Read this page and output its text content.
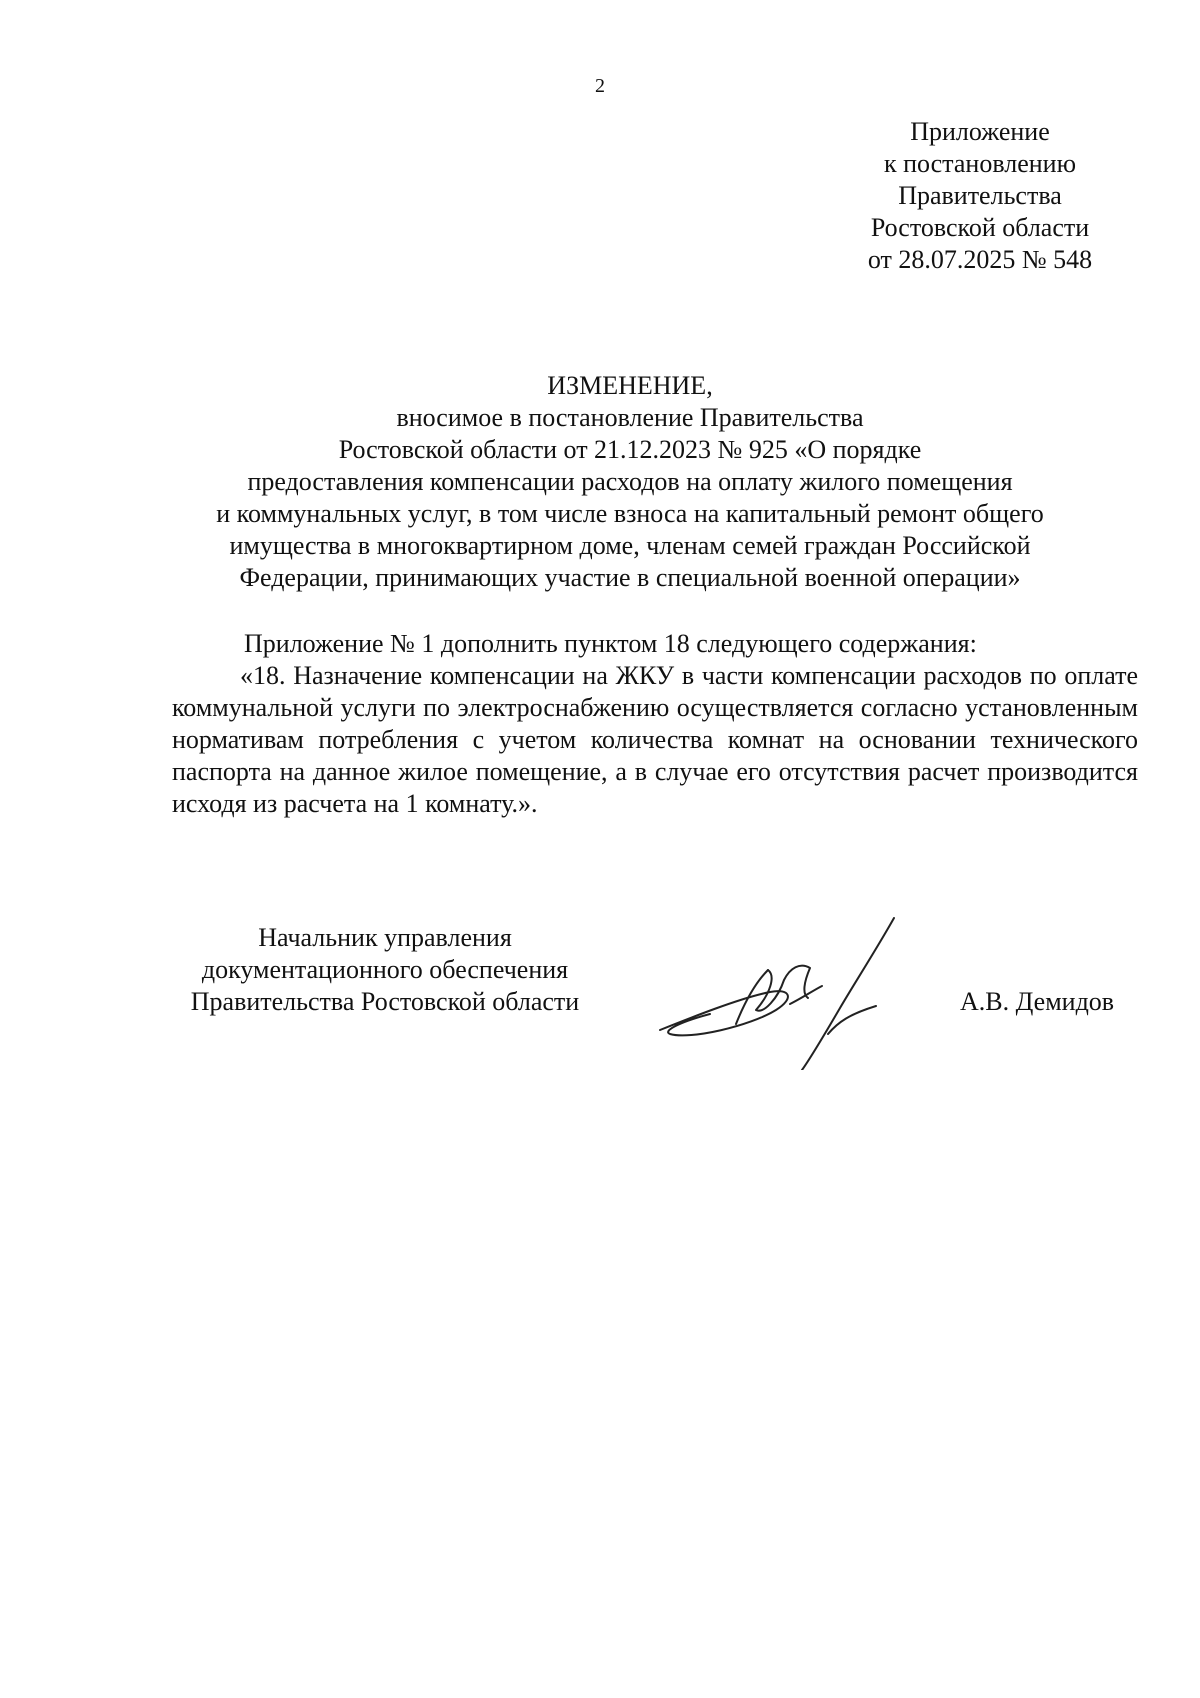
2
Приложение
к постановлению
Правительства
Ростовской области
от 28.07.2025 № 548
ИЗМЕНЕНИЕ,
вносимое в постановление Правительства
Ростовской области от 21.12.2023 № 925 «О порядке
предоставления компенсации расходов на оплату жилого помещения
и коммунальных услуг, в том числе взноса на капитальный ремонт общего
имущества в многоквартирном доме, членам семей граждан Российской
Федерации, принимающих участие в специальной военной операции»
Приложение № 1 дополнить пунктом 18 следующего содержания:

«18. Назначение компенсации на ЖКУ в части компенсации расходов по оплате коммунальной услуги по электроснабжению осуществляется согласно установленным нормативам потребления с учетом количества комнат на основании технического паспорта на данное жилое помещение, а в случае его отсутствия расчет производится исходя из расчета на 1 комнату.».

Начальник управления
документационного обеспечения
Правительства Ростовской области	А.В. Демидов
